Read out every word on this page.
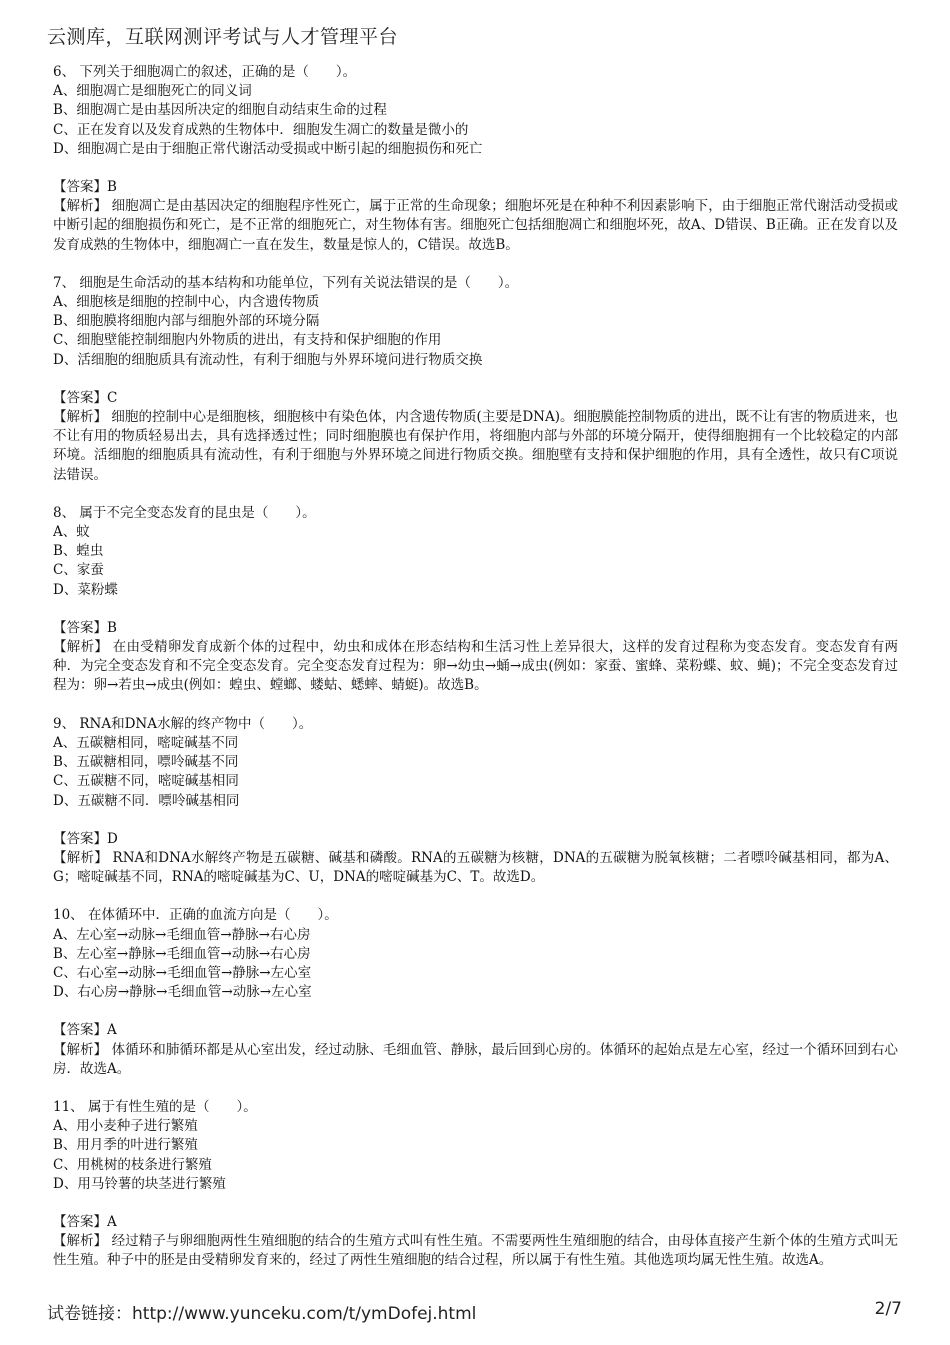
云测库，互联网测评考试与人才管理平台

6、 下列关于细胞凋亡的叙述，正确的是（　　）。

A、细胞凋亡是细胞死亡的同义词

B、细胞凋亡是由基因所决定的细胞自动结束生命的过程

C、正在发育以及发育成熟的生物体中．细胞发生凋亡的数量是微小的

D、细胞凋亡是由于细胞正常代谢活动受损或中断引起的细胞损伤和死亡

【答案】B

【解析】 细胞凋亡是由基因决定的细胞程序性死亡，属于正常的生命现象；细胞坏死是在种种不利因素影响下，由于细胞正常代谢活动受损或中断引起的细胞损伤和死亡，是不正常的细胞死亡，对生物体有害。细胞死亡包括细胞凋亡和细胞坏死，故A、D错误、B正确。正在发育以及发育成熟的生物体中，细胞凋亡一直在发生，数量是惊人的，C错误。故选B。

7、 细胞是生命活动的基本结构和功能单位，下列有关说法错误的是（　　）。

A、细胞核是细胞的控制中心，内含遗传物质

B、细胞膜将细胞内部与细胞外部的环境分隔

C、细胞壁能控制细胞内外物质的进出，有支持和保护细胞的作用

D、活细胞的细胞质具有流动性，有利于细胞与外界环境问进行物质交换

【答案】C

【解析】 细胞的控制中心是细胞核，细胞核中有染色体，内含遗传物质(主要是DNA)。细胞膜能控制物质的进出，既不让有害的物质进来，也不让有用的物质轻易出去，具有选择透过性；同时细胞膜也有保护作用，将细胞内部与外部的环境分隔开，使得细胞拥有一个比较稳定的内部环境。活细胞的细胞质具有流动性，有利于细胞与外界环境之间进行物质交换。细胞壁有支持和保护细胞的作用，具有全透性，故只有C项说法错误。

8、 属于不完全变态发育的昆虫是（　　）。

A、蚊

B、蝗虫

C、家蚕

D、菜粉蝶

【答案】B

【解析】 在由受精卵发育成新个体的过程中，幼虫和成体在形态结构和生活习性上差异很大，这样的发育过程称为变态发育。变态发育有两种．为完全变态发育和不完全变态发育。完全变态发育过程为：卵→幼虫→蛹→成虫(例如：家蚕、蜜蜂、菜粉蝶、蚊、蝇)；不完全变态发育过程为：卵→若虫→成虫(例如：蝗虫、螳螂、蝼蛄、蟋蟀、蜻蜓)。故选B。

9、 RNA和DNA水解的终产物中（　　）。

A、五碳糖相同，嘧啶碱基不同

B、五碳糖相同，嘌呤碱基不同

C、五碳糖不同，嘧啶碱基相同

D、五碳糖不同．嘌呤碱基相同

【答案】D

【解析】 RNA和DNA水解终产物是五碳糖、碱基和磷酸。RNA的五碳糖为核糖，DNA的五碳糖为脱氧核糖；二者嘌呤碱基相同，都为A、G；嘧啶碱基不同，RNA的嘧啶碱基为C、U，DNA的嘧啶碱基为C、T。故选D。

10、 在体循环中．正确的血流方向是（　　）。

A、左心室→动脉→毛细血管→静脉→右心房

B、左心室→静脉→毛细血管→动脉→右心房

C、右心室→动脉→毛细血管→静脉→左心室

D、右心房→静脉→毛细血管→动脉→左心室

【答案】A

【解析】 体循环和肺循环都是从心室出发，经过动脉、毛细血管、静脉，最后回到心房的。体循环的起始点是左心室，经过一个循环回到右心房．故选A。

11、 属于有性生殖的是（　　）。

A、用小麦种子进行繁殖

B、用月季的叶进行繁殖

C、用桃树的枝条进行繁殖

D、用马铃薯的块茎进行繁殖

【答案】A

【解析】 经过精子与卵细胞两性生殖细胞的结合的生殖方式叫有性生殖。不需要两性生殖细胞的结合，由母体直接产生新个体的生殖方式叫无性生殖。种子中的胚是由受精卵发育来的，经过了两性生殖细胞的结合过程，所以属于有性生殖。其他选项均属无性生殖。故选A。

试卷链接：http://www.yunceku.com/t/ymDofej.html	2/7
